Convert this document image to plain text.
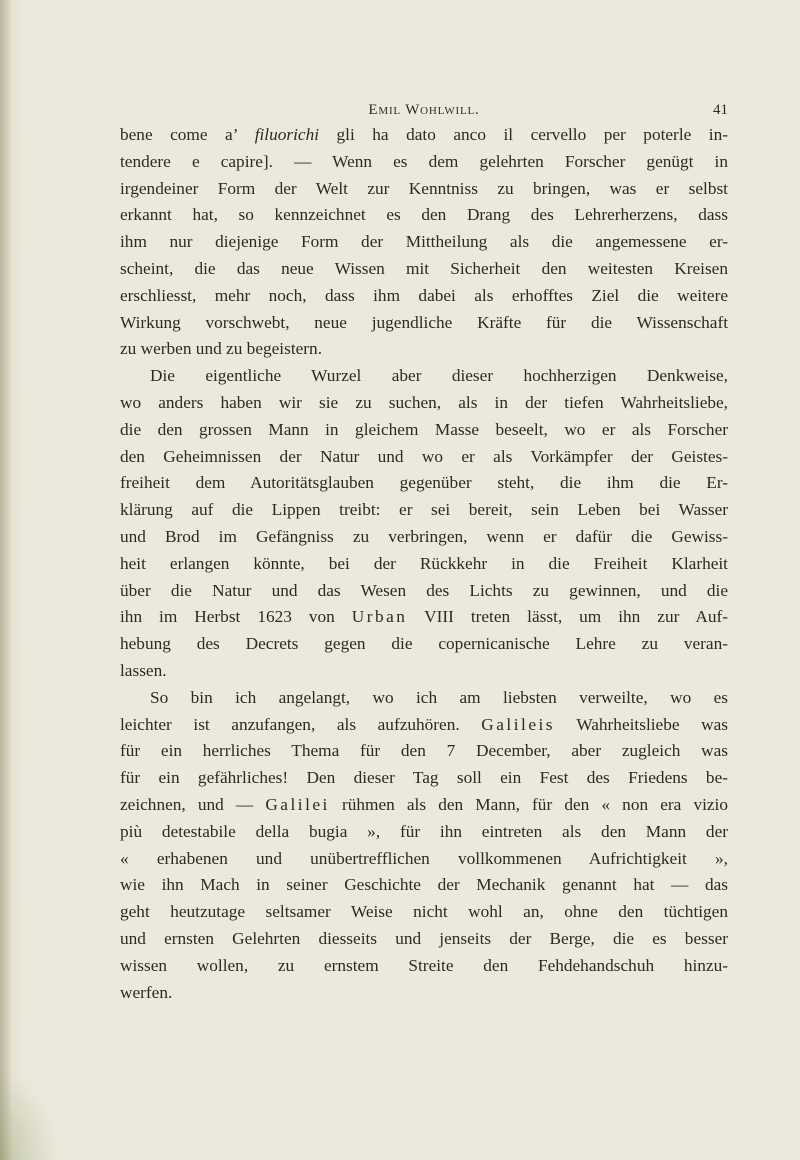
Emil Wohlwill.	41
bene come a’ filuorichi gli ha dato anco il cervello per poterle in-
tendere e capire]. — Wenn es dem gelehrten Forscher genügt in
irgendeiner Form der Welt zur Kenntniss zu bringen, was er selbst
erkannt hat, so kennzeichnet es den Drang des Lehrerherzens, dass
ihm nur diejenige Form der Mittheilung als die angemessene er-
scheint, die das neue Wissen mit Sicherheit den weitesten Kreisen
erschliesst, mehr noch, dass ihm dabei als erhofftes Ziel die weitere
Wirkung vorschwebt, neue jugendliche Kräfte für die Wissenschaft
zu werben und zu begeistern.
Die eigentliche Wurzel aber dieser hochherzigen Denkweise,
wo anders haben wir sie zu suchen, als in der tiefen Wahrheitsliebe,
die den grossen Mann in gleichem Masse beseelt, wo er als Forscher
den Geheimnissen der Natur und wo er als Vorkämpfer der Geistes-
freiheit dem Autoritätsglauben gegenüber steht, die ihm die Er-
klärung auf die Lippen treibt: er sei bereit, sein Leben bei Wasser
und Brod im Gefängniss zu verbringen, wenn er dafür die Gewiss-
heit erlangen könnte, bei der Rückkehr in die Freiheit Klarheit
über die Natur und das Wesen des Lichts zu gewinnen, und die
ihn im Herbst 1623 von Urban VIII treten lässt, um ihn zur Auf-
hebung des Decrets gegen die copernicanische Lehre zu veran-
lassen.
So bin ich angelangt, wo ich am liebsten verweilte, wo es
leichter ist anzufangen, als aufzuhören. Galileis Wahrheitsliebe was
für ein herrliches Thema für den 7 December, aber zugleich was
für ein gefährliches! Den dieser Tag soll ein Fest des Friedens be-
zeichnen, und — Galilei rühmen als den Mann, für den « non era vizio
più detestabile della bugia », für ihn eintreten als den Mann der
« erhabenen und unübertrefflichen vollkommenen Aufrichtigkeit »,
wie ihn Mach in seiner Geschichte der Mechanik genannt hat — das
geht heutzutage seltsamer Weise nicht wohl an, ohne den tüchtigen
und ernsten Gelehrten diesseits und jenseits der Berge, die es besser
wissen wollen, zu ernstem Streite den Fehdehandschuh hinzu-
werfen.
